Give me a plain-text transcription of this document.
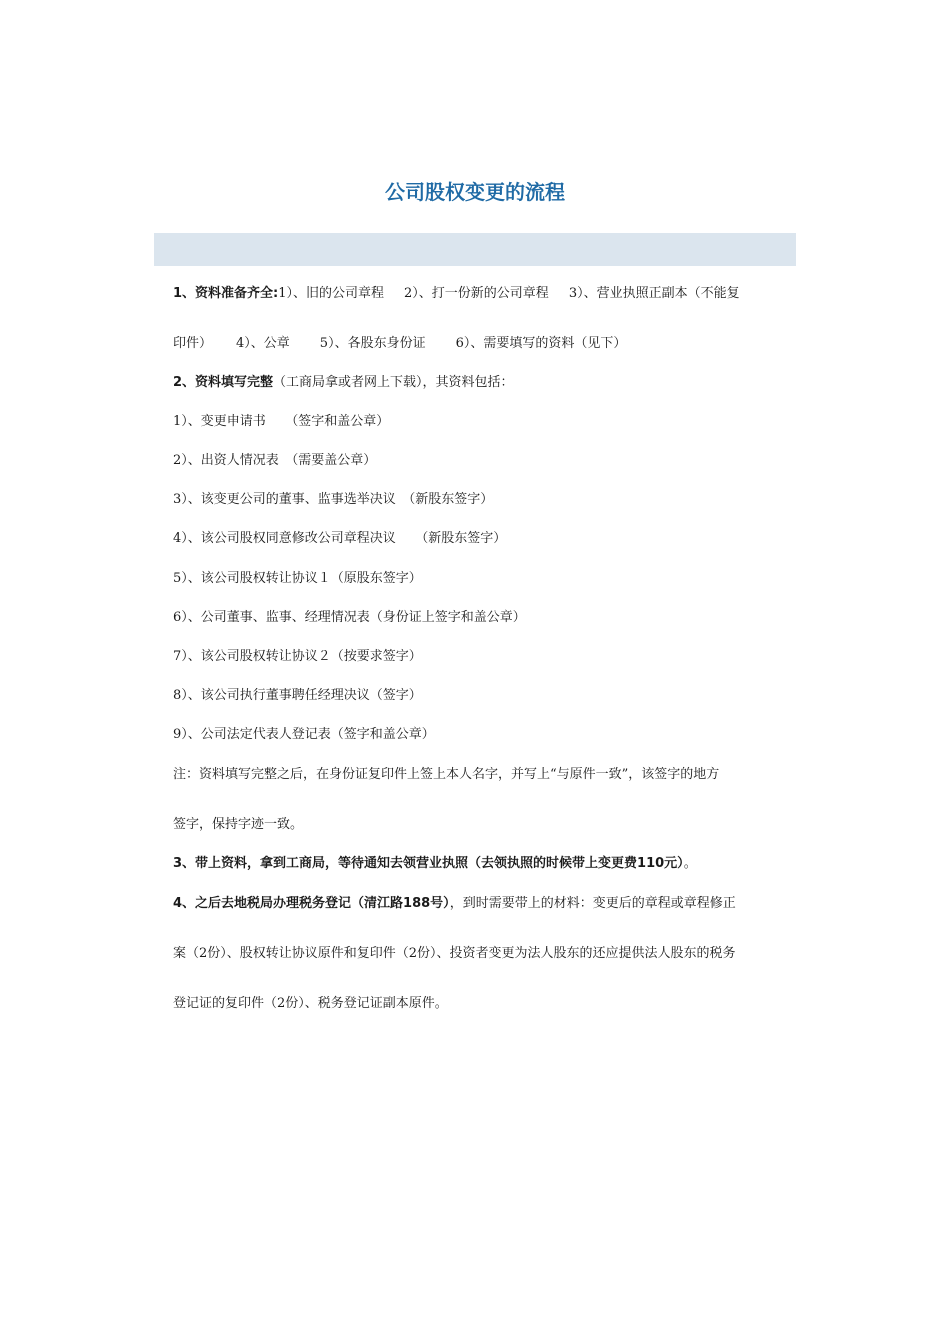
公司股权变更的流程
1、资料准备齐全:1）、旧的公司章程 2）、打一份新的公司章程 3）、营业执照正副本（不能复
印件） 4）、公章 5）、各股东身份证 6）、需要填写的资料（见下）
2、资料填写完整（工商局拿或者网上下载），其资料包括：
1）、变更申请书　　（签字和盖公章）
2）、出资人情况表　（需要盖公章）
3）、该变更公司的董事、监事选举决议　（新股东签字）
4）、该公司股权同意修改公司章程决议　　（新股东签字）
5）、该公司股权转让协议１（原股东签字）
6）、公司董事、监事、经理情况表（身份证上签字和盖公章）
7）、该公司股权转让协议２（按要求签字）
8）、该公司执行董事聘任经理决议（签字）
9）、公司法定代表人登记表（签字和盖公章）
注：资料填写完整之后，在身份证复印件上签上本人名字，并写上“与原件一致”，该签字的地方
签字，保持字迹一致。
3、带上资料，拿到工商局，等待通知去领营业执照（去领执照的时候带上变更费110元）。
4、之后去地税局办理税务登记（清江路188号），到时需要带上的材料：变更后的章程或章程修正
案（2份）、股权转让协议原件和复印件（2份）、投资者变更为法人股东的还应提供法人股东的税务
登记证的复印件（2份）、税务登记证副本原件。
